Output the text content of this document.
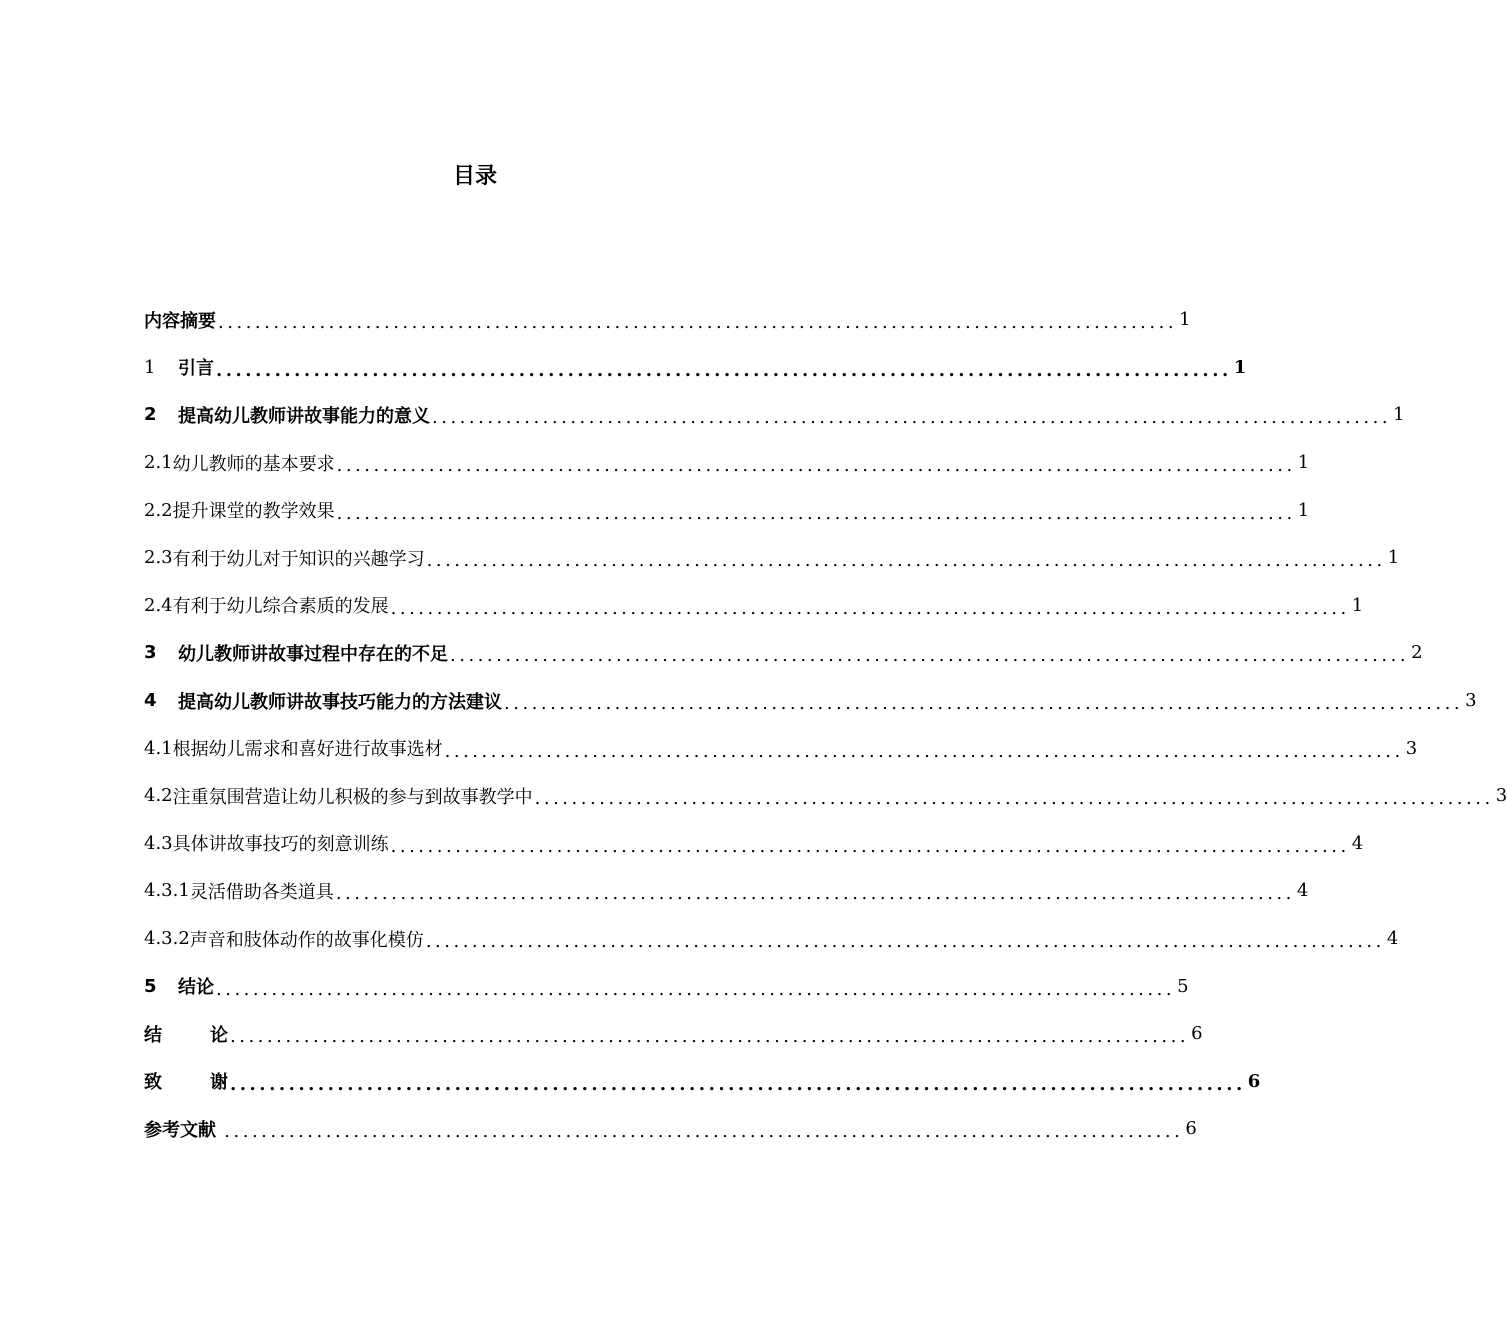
目录
内容摘要 ........................................................................................................ 1
1	引言 ........................................................................................................ 1
2	提高幼儿教师讲故事能力的意义 ........................................................................................................ 1
2.1 幼儿教师的基本要求 ........................................................................................................ 1
2.2 提升课堂的教学效果 ........................................................................................................ 1
2.3 有利于幼儿对于知识的兴趣学习 ........................................................................................................ 1
2.4 有利于幼儿综合素质的发展 ........................................................................................................ 1
3	幼儿教师讲故事过程中存在的不足 ........................................................................................................ 2
4	提高幼儿教师讲故事技巧能力的方法建议 ........................................................................................................ 3
4.1 根据幼儿需求和喜好进行故事选材 ........................................................................................................ 3
4.2 注重氛围营造让幼儿积极的参与到故事教学中 ........................................................................................................ 3
4.3 具体讲故事技巧的刻意训练 ........................................................................................................ 4
4.3.1 灵活借助各类道具 ........................................................................................................ 4
4.3.2 声音和肢体动作的故事化模仿 ........................................................................................................ 4
5	结论 ........................................................................................................ 5
结	论 ........................................................................................................ 6
致	谢 ........................................................................................................ 6
参考文献 ........................................................................................................ 6
